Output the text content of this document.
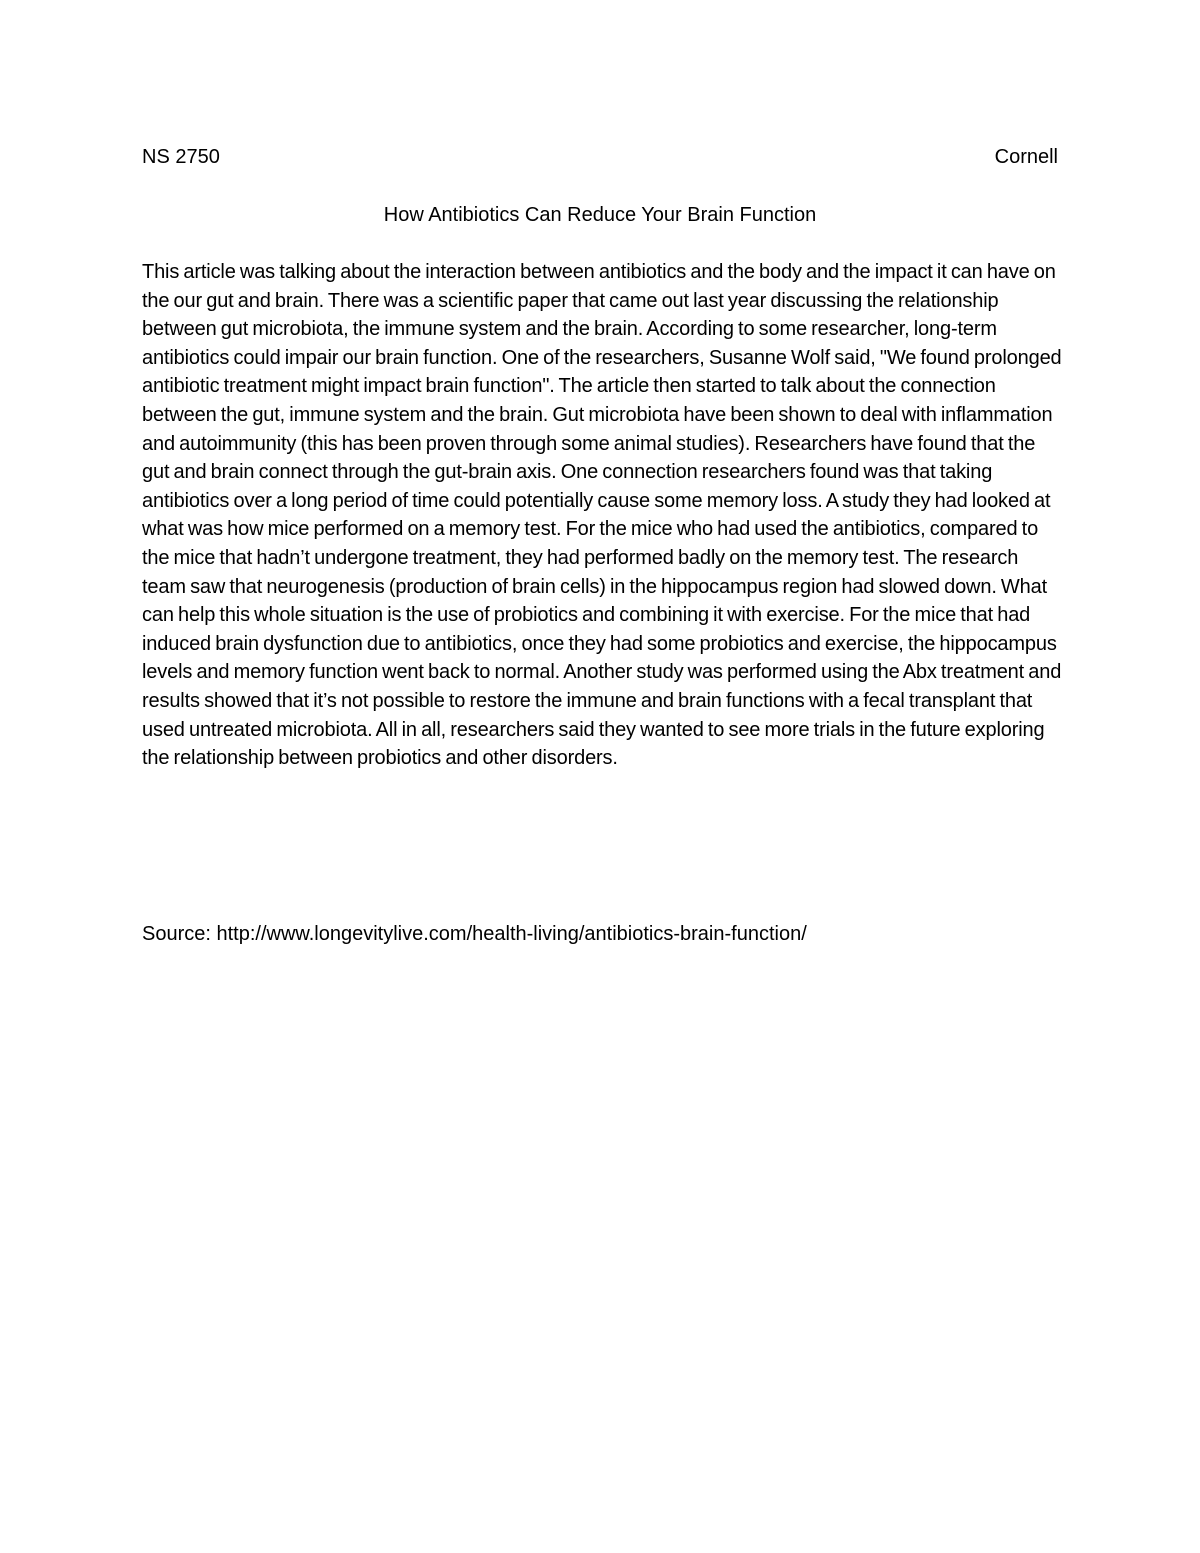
NS 2750	Cornell
How Antibiotics Can Reduce Your Brain Function

This article was talking about the interaction between antibiotics and the body and the impact it can have on the our gut and brain. There was a scientific paper that came out last year discussing the relationship between gut microbiota, the immune system and the brain. According to some researcher, long-term antibiotics could impair our brain function. One of the researchers, Susanne Wolf said, "We found prolonged antibiotic treatment might impact brain function". The article then started to talk about the connection between the gut, immune system and the brain. Gut microbiota have been shown to deal with inflammation and autoimmunity (this has been proven through some animal studies). Researchers have found that the gut and brain connect through the gut-brain axis. One connection researchers found was that taking antibiotics over a long period of time could potentially cause some memory loss. A study they had looked at what was how mice performed on a memory test. For the mice who had used the antibiotics, compared to the mice that hadn’t undergone treatment, they had performed badly on the memory test. The research team saw that neurogenesis (production of brain cells) in the hippocampus region had slowed down. What can help this whole situation is the use of probiotics and combining it with exercise. For the mice that had induced brain dysfunction due to antibiotics, once they had some probiotics and exercise, the hippocampus levels and memory function went back to normal. Another study was performed using the Abx treatment and results showed that it’s not possible to restore the immune and brain functions with a fecal transplant that used untreated microbiota. All in all, researchers said they wanted to see more trials in the future exploring the relationship between probiotics and other disorders.

Source: http://www.longevitylive.com/health-living/antibiotics-brain-function/
